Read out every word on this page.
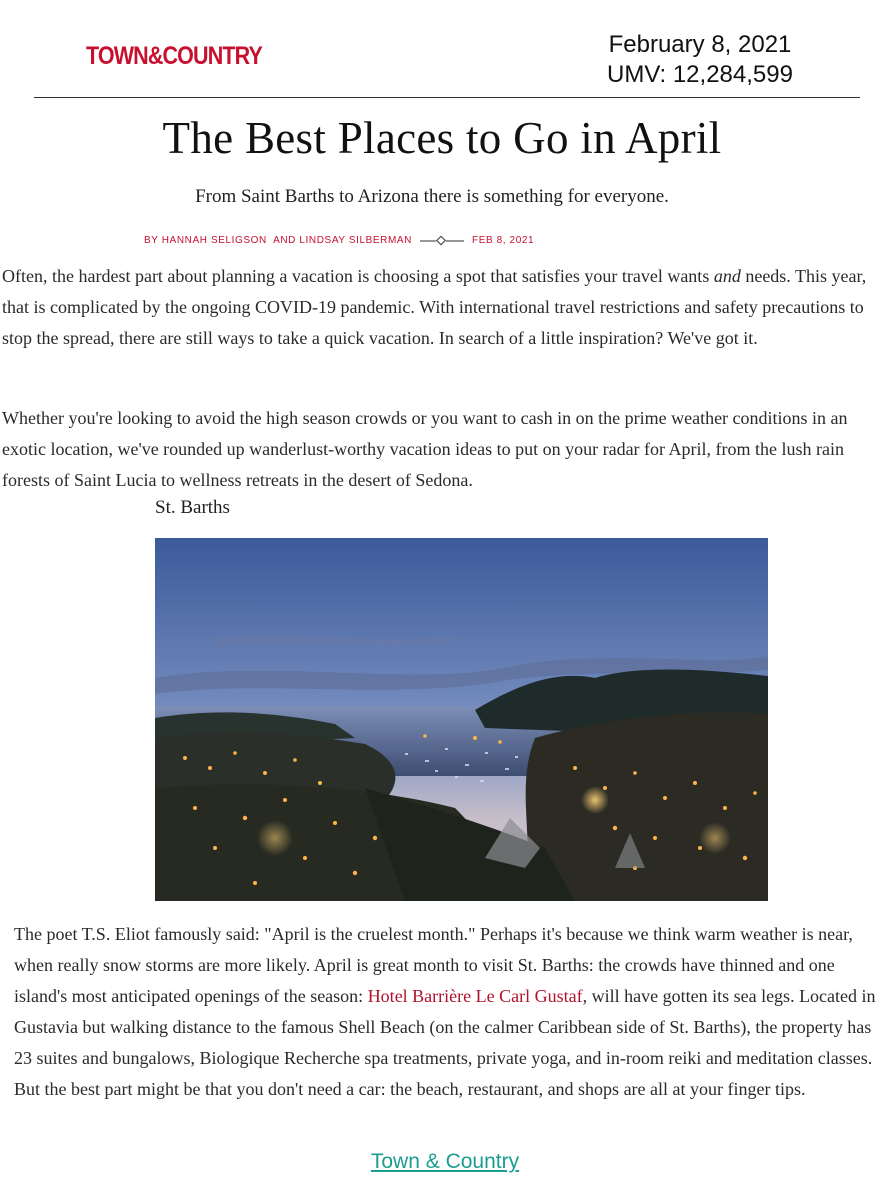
TOWN&COUNTRY	February 8, 2021
UMV: 12,284,599
The Best Places to Go in April
From Saint Barths to Arizona there is something for everyone.
BY HANNAH SELIGSON  AND LINDSAY SILBERMAN	FEB 8, 2021
Often, the hardest part about planning a vacation is choosing a spot that satisfies your travel wants and needs. This year, that is complicated by the ongoing COVID-19 pandemic. With international travel restrictions and safety precautions to stop the spread, there are still ways to take a quick vacation. In search of a little inspiration? We've got it.
Whether you're looking to avoid the high season crowds or you want to cash in on the prime weather conditions in an exotic location, we've rounded up wanderlust-worthy vacation ideas to put on your radar for April, from the lush rain forests of Saint Lucia to wellness retreats in the desert of Sedona.
St. Barths
The poet T.S. Eliot famously said: "April is the cruelest month." Perhaps it's because we think warm weather is near, when really snow storms are more likely. April is great month to visit St. Barths: the crowds have thinned and one island's most anticipated openings of the season: Hotel Barrière Le Carl Gustaf, will have gotten its sea legs. Located in Gustavia but walking distance to the famous Shell Beach (on the calmer Caribbean side of St. Barths), the property has 23 suites and bungalows, Biologique Recherche spa treatments, private yoga, and in-room reiki and meditation classes. But the best part might be that you don't need a car: the beach, restaurant, and shops are all at your finger tips.
Town & Country
